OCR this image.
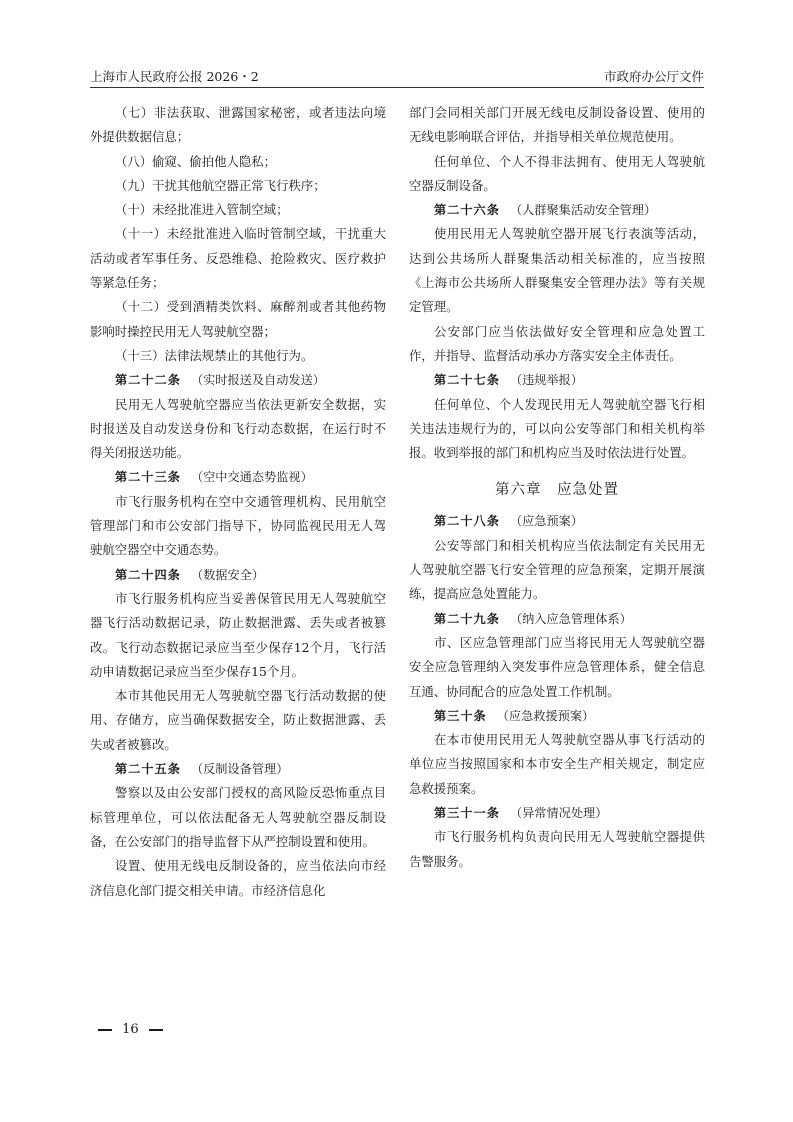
上海市人民政府公报 2026・2	市政府办公厅文件

（七）非法获取、泄露国家秘密，或者违法向境外提供数据信息；

（八）偷窥、偷拍他人隐私；

（九）干扰其他航空器正常飞行秩序；

（十）未经批准进入管制空域；

（十一）未经批准进入临时管制空域，干扰重大活动或者军事任务、反恐维稳、抢险救灾、医疗救护等紧急任务；

（十二）受到酒精类饮料、麻醉剂或者其他药物影响时操控民用无人驾驶航空器；

（十三）法律法规禁止的其他行为。

第二十二条 （实时报送及自动发送）

民用无人驾驶航空器应当依法更新安全数据，实时报送及自动发送身份和飞行动态数据，在运行时不得关闭报送功能。

第二十三条 （空中交通态势监视）

市飞行服务机构在空中交通管理机构、民用航空管理部门和市公安部门指导下，协同监视民用无人驾驶航空器空中交通态势。

第二十四条 （数据安全）

市飞行服务机构应当妥善保管民用无人驾驶航空器飞行活动数据记录，防止数据泄露、丢失或者被篡改。飞行动态数据记录应当至少保存12个月，飞行活动申请数据记录应当至少保存15个月。

本市其他民用无人驾驶航空器飞行活动数据的使用、存储方，应当确保数据安全，防止数据泄露、丢失或者被篡改。

第二十五条 （反制设备管理）

警察以及由公安部门授权的高风险反恐怖重点目标管理单位，可以依法配备无人驾驶航空器反制设备，在公安部门的指导监督下从严控制设置和使用。

设置、使用无线电反制设备的，应当依法向市经济信息化部门提交相关申请。市经济信息化

部门会同相关部门开展无线电反制设备设置、使用的无线电影响联合评估，并指导相关单位规范使用。

任何单位、个人不得非法拥有、使用无人驾驶航空器反制设备。

第二十六条 （人群聚集活动安全管理）

使用民用无人驾驶航空器开展飞行表演等活动，达到公共场所人群聚集活动相关标准的，应当按照《上海市公共场所人群聚集安全管理办法》等有关规定管理。

公安部门应当依法做好安全管理和应急处置工作，并指导、监督活动承办方落实安全主体责任。

第二十七条 （违规举报）

任何单位、个人发现民用无人驾驶航空器飞行相关违法违规行为的，可以向公安等部门和相关机构举报。收到举报的部门和机构应当及时依法进行处置。

第六章　应急处置

第二十八条 （应急预案）

公安等部门和相关机构应当依法制定有关民用无人驾驶航空器飞行安全管理的应急预案，定期开展演练，提高应急处置能力。

第二十九条 （纳入应急管理体系）

市、区应急管理部门应当将民用无人驾驶航空器安全应急管理纳入突发事件应急管理体系，健全信息互通、协同配合的应急处置工作机制。

第三十条 （应急救援预案）

在本市使用民用无人驾驶航空器从事飞行活动的单位应当按照国家和本市安全生产相关规定，制定应急救援预案。

第三十一条 （异常情况处理）

市飞行服务机构负责向民用无人驾驶航空器提供告警服务。

16
